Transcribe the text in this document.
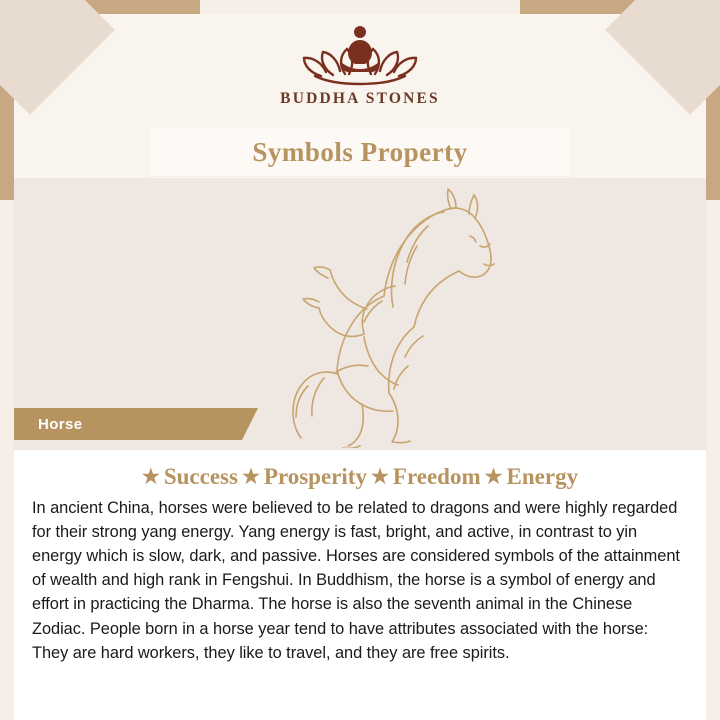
BUDDHA STONES
Symbols Property
Horse
★ Success ★ Prosperity ★ Freedom ★ Energy
In ancient China, horses were believed to be related to dragons and were highly regarded for their strong yang energy. Yang energy is fast, bright, and active, in contrast to yin energy which is slow, dark, and passive. Horses are considered symbols of the attainment of wealth and high rank in Fengshui. In Buddhism, the horse is a symbol of energy and effort in practicing the Dharma. The horse is also the seventh animal in the Chinese Zodiac. People born in a horse year tend to have attributes associated with the horse: They are hard workers, they like to travel, and they are free spirits.
